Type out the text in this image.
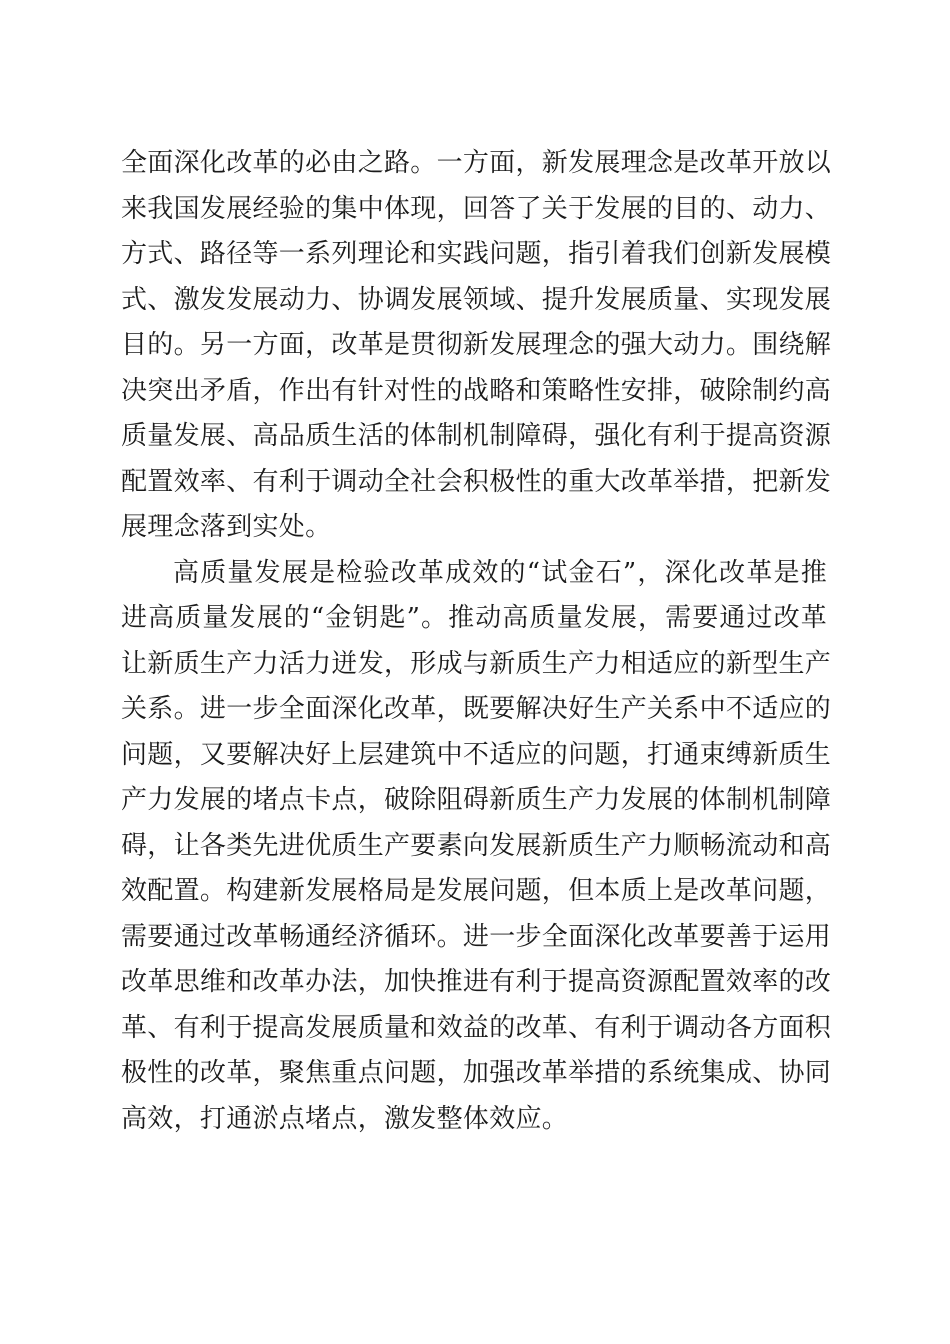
全面深化改革的必由之路。一方面，新发展理念是改革开放以
来我国发展经验的集中体现，回答了关于发展的目的、动力、
方式、路径等一系列理论和实践问题，指引着我们创新发展模
式、激发发展动力、协调发展领域、提升发展质量、实现发展
目的。另一方面，改革是贯彻新发展理念的强大动力。围绕解
决突出矛盾，作出有针对性的战略和策略性安排，破除制约高
质量发展、高品质生活的体制机制障碍，强化有利于提高资源
配置效率、有利于调动全社会积极性的重大改革举措，把新发
展理念落到实处。
高质量发展是检验改革成效的“试金石”，深化改革是推
进高质量发展的“金钥匙”。推动高质量发展，需要通过改革
让新质生产力活力迸发，形成与新质生产力相适应的新型生产
关系。进一步全面深化改革，既要解决好生产关系中不适应的
问题，又要解决好上层建筑中不适应的问题，打通束缚新质生
产力发展的堵点卡点，破除阻碍新质生产力发展的体制机制障
碍，让各类先进优质生产要素向发展新质生产力顺畅流动和高
效配置。构建新发展格局是发展问题，但本质上是改革问题，
需要通过改革畅通经济循环。进一步全面深化改革要善于运用
改革思维和改革办法，加快推进有利于提高资源配置效率的改
革、有利于提高发展质量和效益的改革、有利于调动各方面积
极性的改革，聚焦重点问题，加强改革举措的系统集成、协同
高效，打通淤点堵点，激发整体效应。
